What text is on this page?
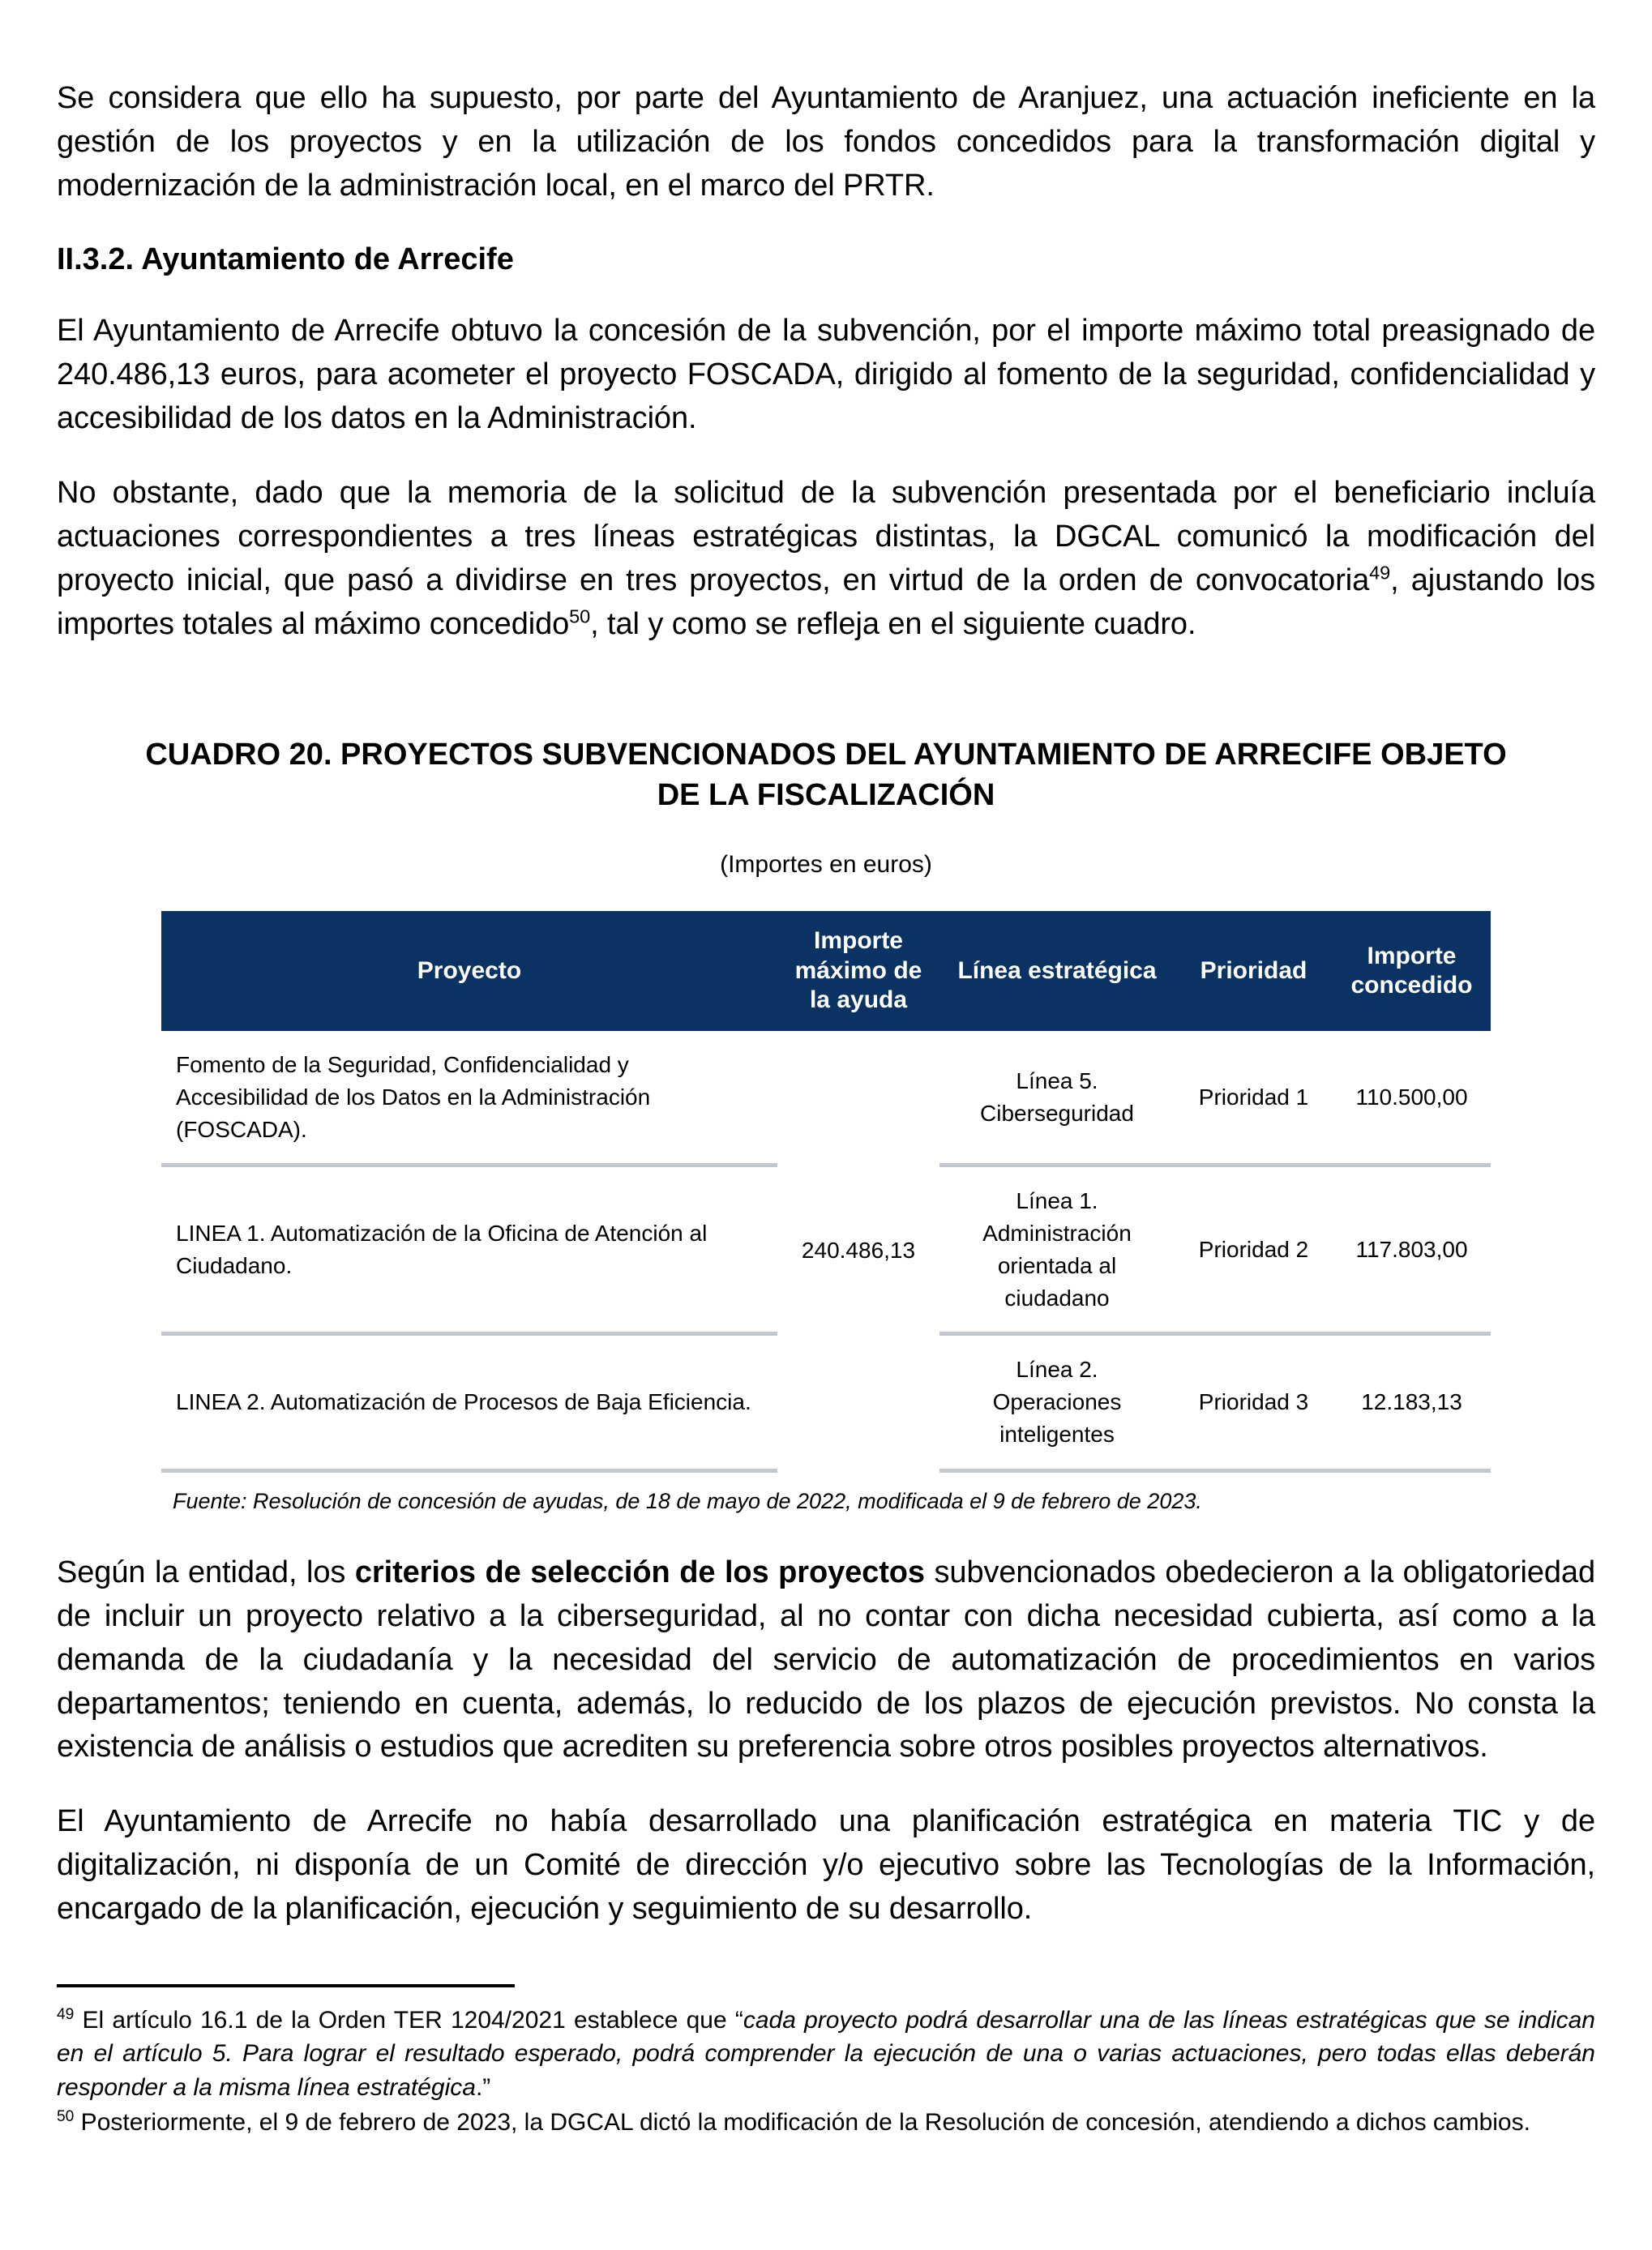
Se considera que ello ha supuesto, por parte del Ayuntamiento de Aranjuez, una actuación ineficiente en la gestión de los proyectos y en la utilización de los fondos concedidos para la transformación digital y modernización de la administración local, en el marco del PRTR.

II.3.2. Ayuntamiento de Arrecife

El Ayuntamiento de Arrecife obtuvo la concesión de la subvención, por el importe máximo total preasignado de 240.486,13 euros, para acometer el proyecto FOSCADA, dirigido al fomento de la seguridad, confidencialidad y accesibilidad de los datos en la Administración.

No obstante, dado que la memoria de la solicitud de la subvención presentada por el beneficiario incluía actuaciones correspondientes a tres líneas estratégicas distintas, la DGCAL comunicó la modificación del proyecto inicial, que pasó a dividirse en tres proyectos, en virtud de la orden de convocatoria$^{49}$, ajustando los importes totales al máximo concedido$^{50}$, tal y como se refleja en el siguiente cuadro.

CUADRO 20. PROYECTOS SUBVENCIONADOS DEL AYUNTAMIENTO DE ARRECIFE OBJETO DE LA FISCALIZACIÓN
(Importes en euros)
Proyecto	Importe máximo de la ayuda	Línea estratégica	Prioridad	Importe concedido
Fomento de la Seguridad, Confidencialidad y Accesibilidad de los Datos en la Administración (FOSCADA).	240.486,13	Línea 5. Ciberseguridad	Prioridad 1	110.500,00
LINEA 1. Automatización de la Oficina de Atención al Ciudadano.		Línea 1. Administración orientada al ciudadano	Prioridad 2	117.803,00
LINEA 2. Automatización de Procesos de Baja Eficiencia.		Línea 2. Operaciones inteligentes	Prioridad 3	12.183,13
Fuente: Resolución de concesión de ayudas, de 18 de mayo de 2022, modificada el 9 de febrero de 2023.

Según la entidad, los criterios de selección de los proyectos subvencionados obedecieron a la obligatoriedad de incluir un proyecto relativo a la ciberseguridad, al no contar con dicha necesidad cubierta, así como a la demanda de la ciudadanía y la necesidad del servicio de automatización de procedimientos en varios departamentos; teniendo en cuenta, además, lo reducido de los plazos de ejecución previstos. No consta la existencia de análisis o estudios que acrediten su preferencia sobre otros posibles proyectos alternativos.

El Ayuntamiento de Arrecife no había desarrollado una planificación estratégica en materia TIC y de digitalización, ni disponía de un Comité de dirección y/o ejecutivo sobre las Tecnologías de la Información, encargado de la planificación, ejecución y seguimiento de su desarrollo.

$^{49}$ El artículo 16.1 de la Orden TER 1204/2021 establece que “cada proyecto podrá desarrollar una de las líneas estratégicas que se indican en el artículo 5. Para lograr el resultado esperado, podrá comprender la ejecución de una o varias actuaciones, pero todas ellas deberán responder a la misma línea estratégica.”

$^{50}$ Posteriormente, el 9 de febrero de 2023, la DGCAL dictó la modificación de la Resolución de concesión, atendiendo a dichos cambios.
